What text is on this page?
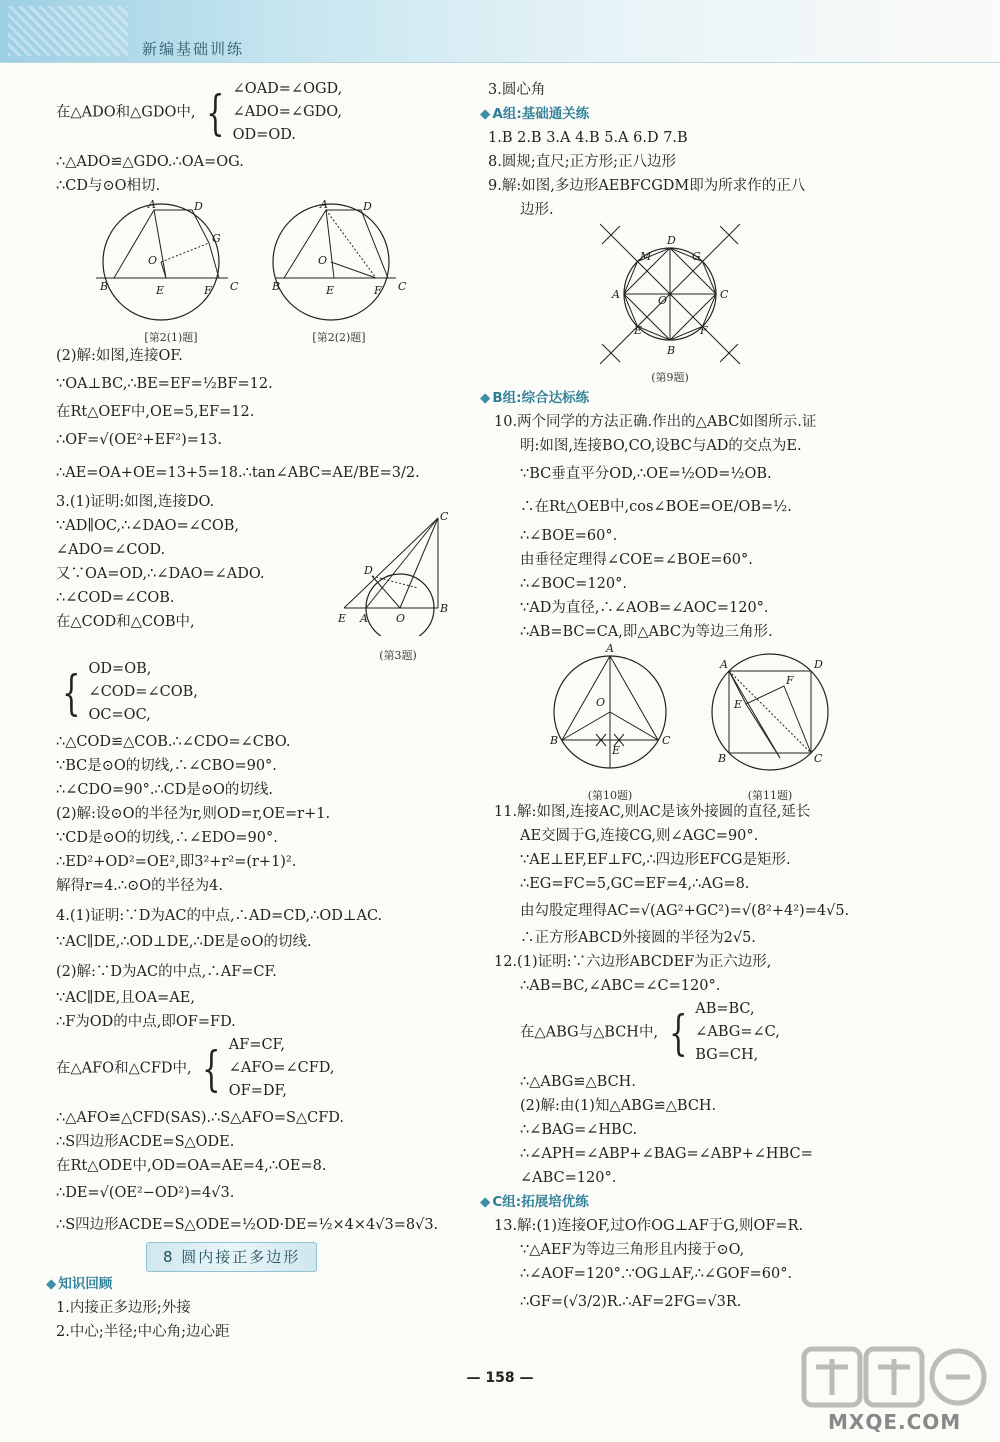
新编基础训练
在△ADO和△GDO中, { ∠OAD=∠OGD,
∠ADO=∠GDO,
OD=OD.
∴△ADO≌△GDO.∴OA=OG.
∴CD与⊙O相切.
A	D
G
O
B	E	F C
A	D
O
B	E	F C
[第2(1)题]	[第2(2)题]
(2)解:如图,连接OF.
∵OA⊥BC,∴BE=EF=½BF=12.
在Rt△OEF中,OE=5,EF=12.
∴OF=√(OE²+EF²)=13.
∴AE=OA+OE=13+5=18.∴tan∠ABC=AE/BE=3/2.
3.(1)证明:如图,连接DO.
∵AD∥OC,∴∠DAO=∠COB,
∠ADO=∠COD.
又∵OA=OD,∴∠DAO=∠ADO.
∴∠COD=∠COB.
在△COD和△COB中,
C
D
E A	O
B
(第3题)
{ OD=OB,
∠COD=∠COB,
OC=OC,
∴△COD≌△COB.∴∠CDO=∠CBO.
∵BC是⊙O的切线,∴∠CBO=90°.
∴∠CDO=90°.∴CD是⊙O的切线.
(2)解:设⊙O的半径为r,则OD=r,OE=r+1.
∵CD是⊙O的切线,∴∠EDO=90°.
∴ED²+OD²=OE²,即3²+r²=(r+1)².
解得r=4.∴⊙O的半径为4.
4.(1)证明:∵D为AC的中点,∴AD=CD,∴OD⊥AC.
∵AC∥DE,∴OD⊥DE,∴DE是⊙O的切线.
(2)解:∵D为AC的中点,∴AF=CF.
∵AC∥DE,且OA=AE,
∴F为OD的中点,即OF=FD.
在△AFO和△CFD中, { AF=CF,
∠AFO=∠CFD,
OF=DF,
∴△AFO≌△CFD(SAS).∴S△AFO=S△CFD.
∴S四边形ACDE=S△ODE.
在Rt△ODE中,OD=OA=AE=4,∴OE=8.
∴DE=√(OE²−OD²)=4√3.
∴S四边形ACDE=S△ODE=½OD·DE=½×4×4√3=8√3.
8 圆内接正多边形
◆ 知识回顾
1.内接正多边形;外接
2.中心;半径;中心角;边心距
3.圆心角
◆ A组:基础通关练
1.B 2.B 3.A 4.B 5.A 6.D 7.B
8.圆规;直尺;正方形;正八边形
9.解:如图,多边形AEBFCGDM即为所求作的正八
边形.
M
D
G
A	O	C
E	F
B
(第9题)
◆ B组:综合达标练
10.两个同学的方法正确.作出的△ABC如图所示.证
明:如图,连接BO,CO,设BC与AD的交点为E.
∵BC垂直平分OD,∴OE=½OD=½OB.
∴在Rt△OEB中,cos∠BOE=OE/OB=½.
∴∠BOE=60°.
由垂径定理得∠COE=∠BOE=60°.
∴∠BOC=120°.
∵AD为直径,∴∠AOB=∠AOC=120°.
∴AB=BC=CA,即△ABC为等边三角形.
A
O
B
E
C
A	D
E
F
B	C
(第10题)	(第11题)
11.解:如图,连接AC,则AC是该外接圆的直径,延长
AE交圆于G,连接CG,则∠AGC=90°.
∵AE⊥EF,EF⊥FC,∴四边形EFCG是矩形.
∴EG=FC=5,GC=EF=4,∴AG=8.
由勾股定理得AC=√(AG²+GC²)=√(8²+4²)=4√5.
∴正方形ABCD外接圆的半径为2√5.
12.(1)证明:∵六边形ABCDEF为正六边形,
∴AB=BC,∠ABC=∠C=120°.
在△ABG与△BCH中, { AB=BC,
∠ABG=∠C,
BG=CH,
∴△ABG≌△BCH.
(2)解:由(1)知△ABG≌△BCH.
∴∠BAG=∠HBC.
∴∠APH=∠ABP+∠BAG=∠ABP+∠HBC=
∠ABC=120°.
◆ C组:拓展培优练
13.解:(1)连接OF,过O作OG⊥AF于G,则OF=R.
∵△AEF为等边三角形且内接于⊙O,
∴∠AOF=120°.∵OG⊥AF,∴∠GOF=60°.
∴GF=(√3/2)R.∴AF=2FG=√3R.
— 158 —
MXQE.COM
